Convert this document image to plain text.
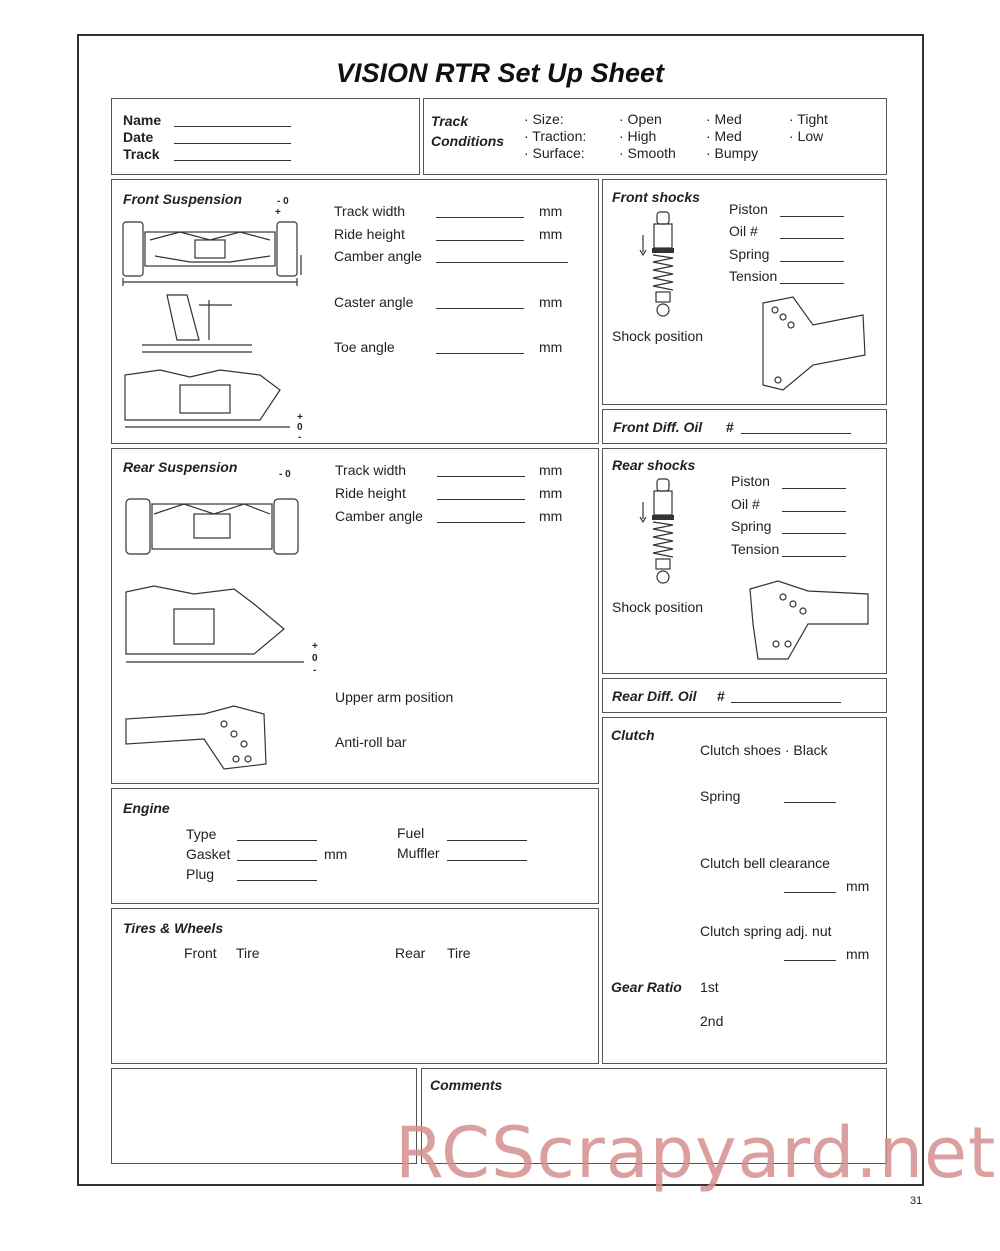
VISION RTR Set Up Sheet
Name
Date
Track
Track
Conditions
· Size:	· Open	· Med	· Tight
· Traction: · High	· Med	· Low
· Surface: · Smooth · Bumpy
Front Suspension	- 0
+
+
0
-
Track width	mm
Ride height	mm
Camber angle
Caster angle	mm
Toe angle	mm
Front shocks
Piston
Oil #
Spring
Tension
Shock position
Front Diff. Oil #
Rear Suspension	- 0
+
0
-
Track width	mm
Ride height	mm
Camber angle	mm
Upper arm position
Anti-roll bar
Rear shocks
Piston
Oil #
Spring
Tension
Shock position
Rear Diff. Oil #
Clutch
Clutch shoes · Black
Spring
Clutch bell clearance
mm
Clutch spring adj. nut
mm
Gear Ratio 1st
2nd
Engine
Type
Gasket	mm
Plug
Fuel
Muffler
Tires & Wheels
Front Tire	Rear Tire
Comments
RCScrapyard.net
31
